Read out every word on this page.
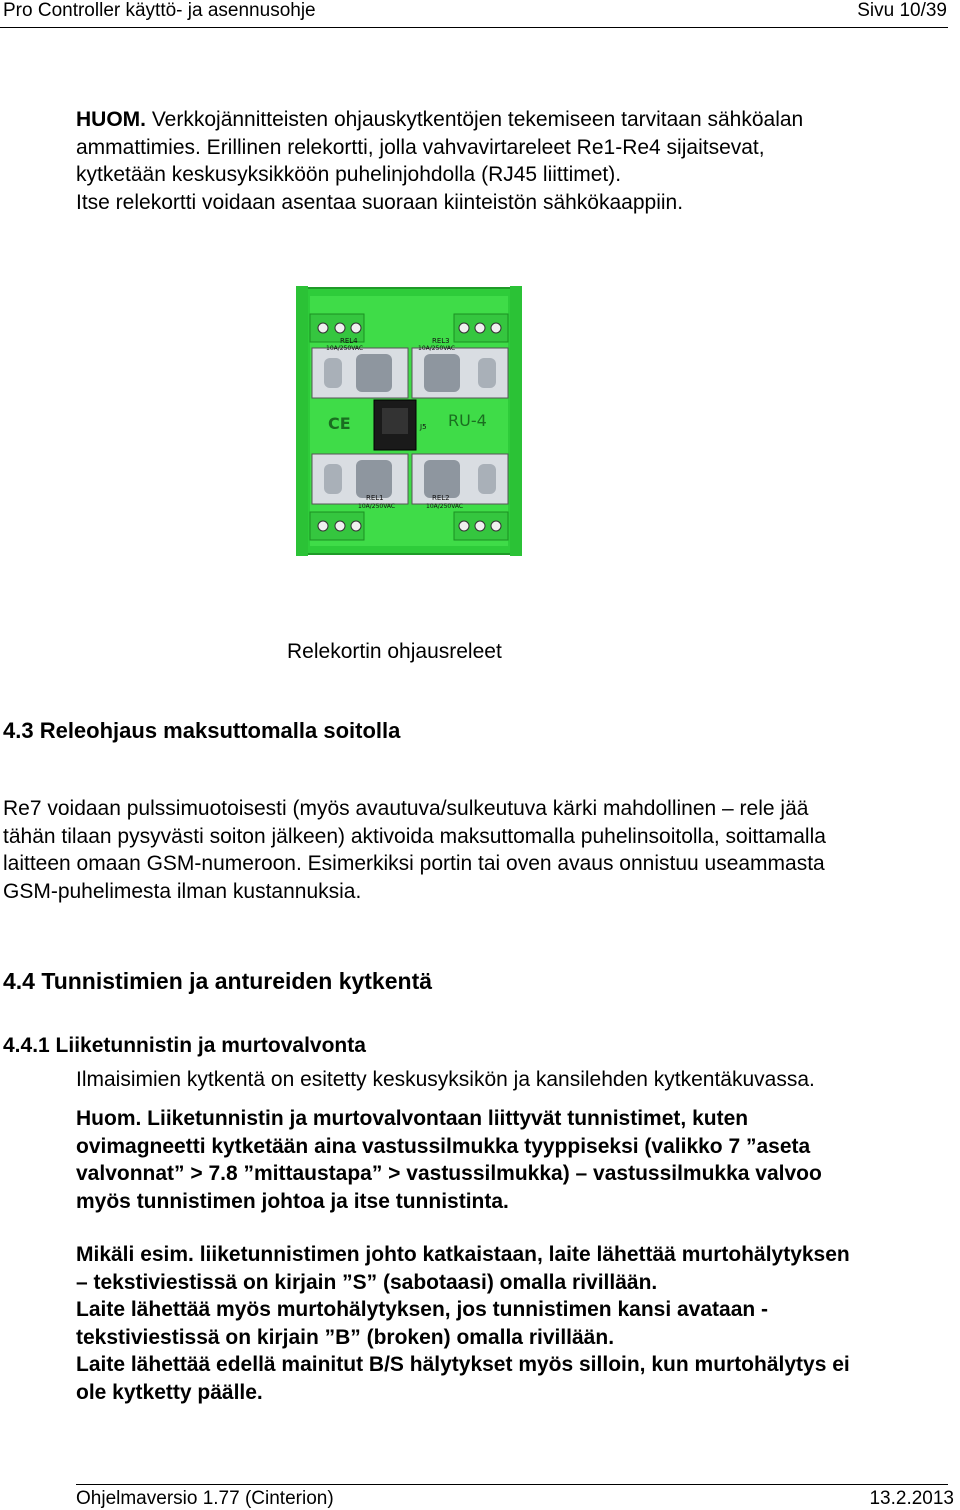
Pro Controller käyttö- ja asennusohje	Sivu 10/39
HUOM. Verkkojännitteisten ohjauskytkentöjen tekemiseen tarvitaan sähköalan
ammattimies. Erillinen relekortti, jolla vahvavirtareleet Re1-Re4 sijaitsevat,
kytketään keskusyksikköön puhelinjohdolla (RJ45 liittimet).
Itse relekortti voidaan asentaa suoraan kiinteistön sähkökaappiin.
REL4
10A/250VAC
REL3
10A/250VAC
CE	J5 RU-4
REL1
10A/250VAC
REL2
10A/250VAC
Relekortin ohjausreleet
4.3 Releohjaus maksuttomalla soitolla
Re7 voidaan pulssimuotoisesti (myös avautuva/sulkeutuva kärki mahdollinen – rele jää
tähän tilaan pysyvästi soiton jälkeen) aktivoida maksuttomalla puhelinsoitolla, soittamalla
laitteen omaan GSM-numeroon. Esimerkiksi portin tai oven avaus onnistuu useammasta
GSM-puhelimesta ilman kustannuksia.
4.4 Tunnistimien ja antureiden kytkentä
4.4.1 Liiketunnistin ja murtovalvonta
Ilmaisimien kytkentä on esitetty keskusyksikön ja kansilehden kytkentäkuvassa.
Huom. Liiketunnistin ja murtovalvontaan liittyvät tunnistimet, kuten
ovimagneetti kytketään aina vastussilmukka tyyppiseksi (valikko 7 ”aseta
valvonnat” > 7.8 ”mittaustapa” > vastussilmukka) – vastussilmukka valvoo
myös tunnistimen johtoa ja itse tunnistinta.
Mikäli esim. liiketunnistimen johto katkaistaan, laite lähettää murtohälytyksen
– tekstiviestissä on kirjain ”S” (sabotaasi) omalla rivillään.
Laite lähettää myös murtohälytyksen, jos tunnistimen kansi avataan -
tekstiviestissä on kirjain ”B” (broken) omalla rivillään.
Laite lähettää edellä mainitut B/S hälytykset myös silloin, kun murtohälytys ei
ole kytketty päälle.
Ohjelmaversio 1.77 (Cinterion)	13.2.2013
